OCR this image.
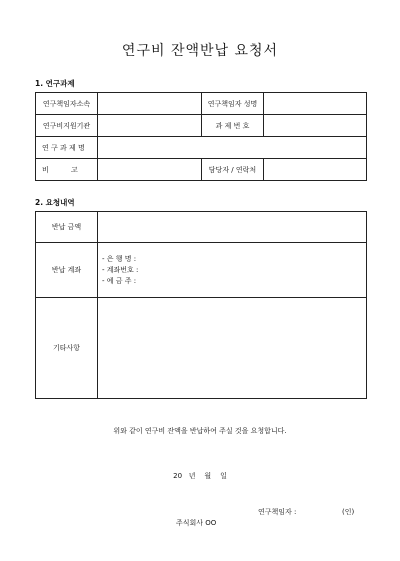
연구비 잔액반납 요청서
1. 연구과제
연구책임자소속		연구책임자 성명	
연구비지원기관		과 제 번 호	
연 구 과 제 명			
비          고		담당자 / 연락처	
2. 요청내역
반납 금액	
반납 계좌	- 은 행 명 :
- 계좌번호 :
- 예 금 주 :

기타사항	
위와 같이 연구비 잔액을 반납하여 주실 것을 요청합니다.
20   년    월    일
연구책임자 :	(인)
주식회사 OO
